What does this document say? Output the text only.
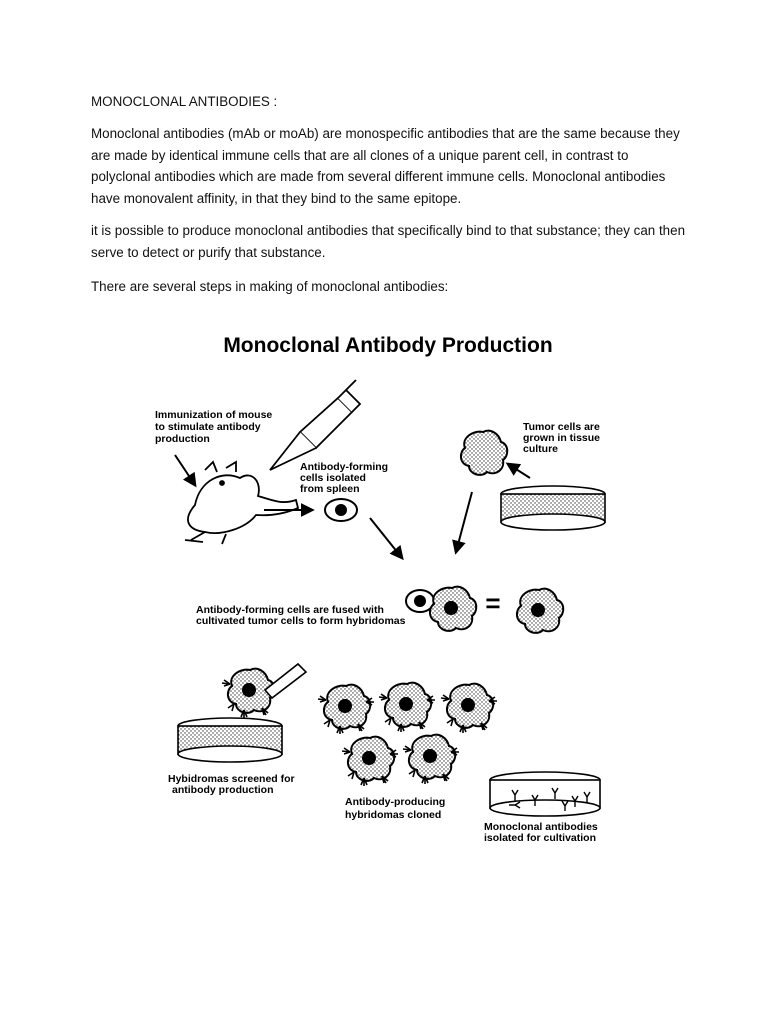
MONOCLONAL ANTIBODIES :

Monoclonal antibodies (mAb or moAb) are monospecific antibodies that are the same because they are made by identical immune cells that are all clones of a unique parent cell, in contrast to polyclonal antibodies which are made from several different immune cells. Monoclonal antibodies have monovalent affinity, in that they bind to the same epitope.

it is possible to produce monoclonal antibodies that specifically bind to that substance; they can then serve to detect or purify that substance.

There are several steps in making of monoclonal antibodies:

Monoclonal Antibody Production
Immunization of mouse
to stimulate antibody
production
Antibody-forming
cells isolated
from spleen
Tumor cells are
grown in tissue
culture
Antibody-forming cells are fused with
cultivated tumor cells to form hybridomas
Hybidromas screened for
antibody production
Antibody-producing
hybridomas cloned
Monoclonal antibodies
isolated for cultivation
=
